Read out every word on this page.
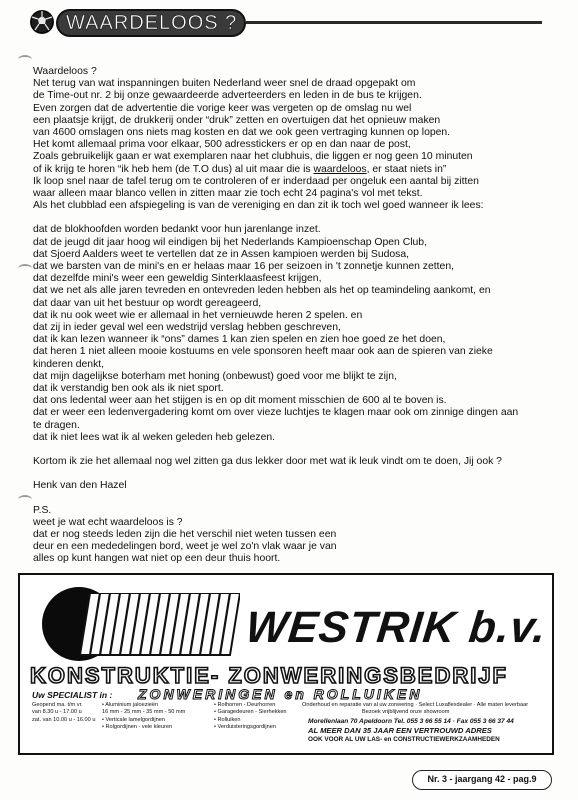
WAARDELOOS ?

Waardeloos ?

Net terug van wat inspanningen buiten Nederland weer snel de draad opgepakt om

de Time-out nr. 2 bij onze gewaardeerde adverteerders en leden in de bus te krijgen.

Even zorgen dat de advertentie die vorige keer was vergeten op de omslag nu wel

een plaatsje krijgt, de drukkerij onder “druk” zetten en overtuigen dat het opnieuw maken

van 4600 omslagen ons niets mag kosten en dat we ook geen vertraging kunnen op lopen.

Het komt allemaal prima voor elkaar, 500 adresstickers er op en dan naar de post,

Zoals gebruikelijk gaan er wat exemplaren naar het clubhuis, die liggen er nog geen 10 minuten

of ik krijg te horen “ik heb hem (de T.O dus) al uit maar die is waardeloos, er staat niets in”

Ik loop snel naar de tafel terug om te controleren of er inderdaad per ongeluk een aantal bij zitten

waar alleen maar blanco vellen in zitten maar zie toch echt 24 pagina's vol met tekst.

Als het clubblad een afspiegeling is van de vereniging en dan zit ik toch wel goed wanneer ik lees:

dat de blokhoofden worden bedankt voor hun jarenlange inzet.

dat de jeugd dit jaar hoog wil eindigen bij het Nederlands Kampioenschap Open Club,

dat Sjoerd Aalders weet te vertellen dat ze in Assen kampioen werden bij Sudosa,

dat we barsten van de mini's en er helaas maar 16 per seizoen in 't zonnetje kunnen zetten,

dat dezelfde mini's weer een geweldig Sinterklaasfeest krijgen,

dat we net als alle jaren tevreden en ontevreden leden hebben als het op teamindeling aankomt, en

dat daar van uit het bestuur op wordt gereageerd,

dat ik nu ook weet wie er allemaal in het vernieuwde heren 2 spelen. en

dat zij in ieder geval wel een wedstrijd verslag hebben geschreven,

dat ik kan lezen wanneer ik “ons” dames 1 kan zien spelen en zien hoe goed ze het doen,

dat heren 1 niet alleen mooie kostuums en vele sponsoren heeft maar ook aan de spieren van zieke

kinderen denkt,

dat mijn dagelijkse boterham met honing (onbewust) goed voor me blijkt te zijn,

dat ik verstandig ben ook als ik niet sport.

dat ons ledental weer aan het stijgen is en op dit moment misschien de 600 al te boven is.

dat er weer een ledenvergadering komt om over vieze luchtjes te klagen maar ook om zinnige dingen aan

te dragen.

dat ik niet lees wat ik al weken geleden heb gelezen.

Kortom ik zie het allemaal nog wel zitten ga dus lekker door met wat ik leuk vindt om te doen, Jij ook ?

Henk van den Hazel

P.S.

weet je wat echt waardeloos is ?

dat er nog steeds leden zijn die het verschil niet weten tussen een

deur en een mededelingen bord, weet je wel zo'n vlak waar je van

alles op kunt hangen wat niet op een deur thuis hoort.

WESTRIK b.v.
KONSTRUKTIE- ZONWERINGSBEDRIJF
Uw SPECIALIST in : ZONWERINGEN en ROLLUIKEN

Geopend ma. t/m vr.

van 8.30 u - 17.00 u

zat. van 10.00 u - 16.00 u

• Aluminium jaloezieën

16 mm - 25 mm - 35 mm - 50 mm

• Verticale lamelgordijnen

• Rolgordijnen - vele kleuren

• Rolhorren - Deurhorren

• Garagedeuren - Sierhekken

• Rolluiken

• Verduisteringsgordijnen

Onderhoud en reparatie van al uw zonwering · Select Luxaflexdealer · Alle maten leverbaar

Bezoek vrijblijvend onze showroom

Morellenlaan 70 Apeldoorn Tel. 055 3 66 55 14 · Fax 055 3 66 37 44

AL MEER DAN 35 JAAR EEN VERTROUWD ADRES

OOK VOOR AL UW LAS- en CONSTRUCTIEWERKZAAMHEDEN

Nr. 3 - jaargang 42 - pag.9
